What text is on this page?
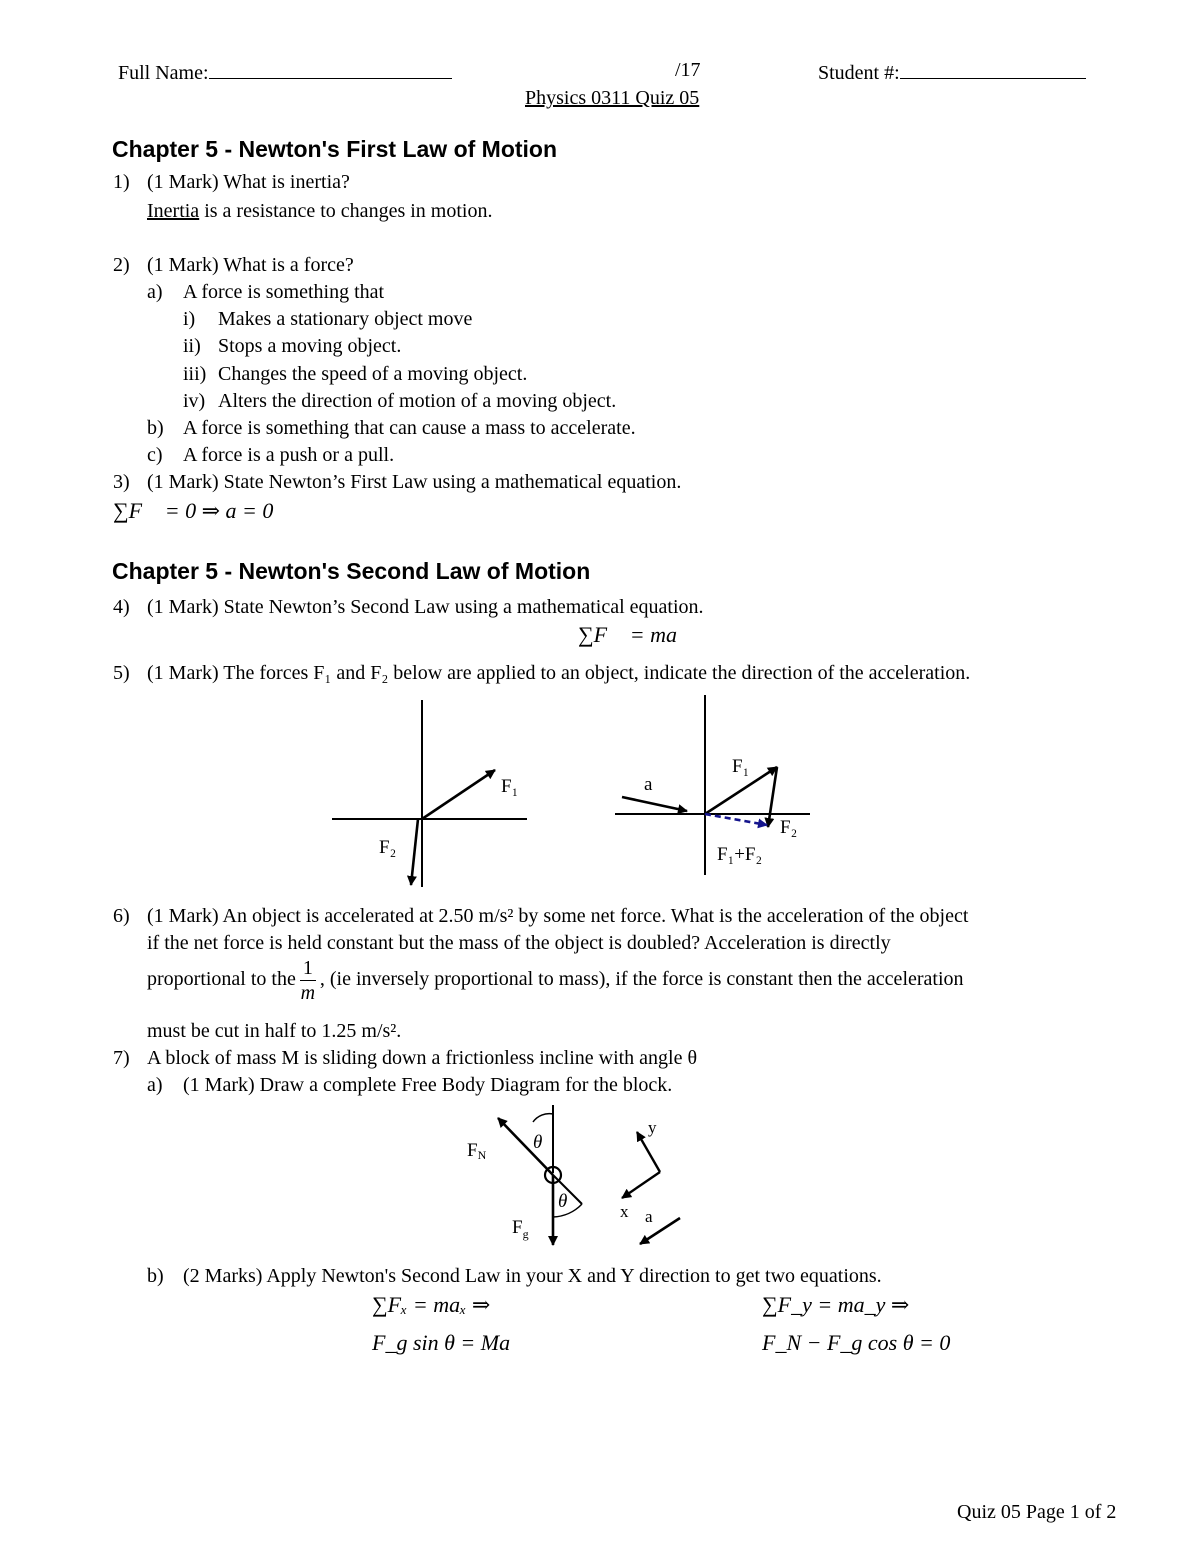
Full Name:	/17	Student #:
Physics 0311 Quiz 05
Chapter 5 - Newton's First Law of Motion
1) (1 Mark) What is inertia?
Inertia is a resistance to changes in motion.
2) (1 Mark) What is a force?
a) A force is something that
i) Makes a stationary object move
ii) Stops a moving object.
iii) Changes the speed of a moving object.
iv) Alters the direction of motion of a moving object.
b) A force is something that can cause a mass to accelerate.
c) A force is a push or a pull.
3) (1 Mark) State Newton’s First Law using a mathematical equation.
∑F⃗ = 0 ⇒ a = 0
Chapter 5 - Newton's Second Law of Motion
4) (1 Mark) State Newton’s Second Law using a mathematical equation.
∑F⃗ = ma⃗
5) (1 Mark) The forces F₁ and F₂ below are applied to an object, indicate the direction of the acceleration.
F₁
F₂
a
F₁
F₂
F₁+F₂
6) (1 Mark) An object is accelerated at 2.50 m/s² by some net force. What is the acceleration of the object
if the net force is held constant but the mass of the object is doubled? Acceleration is directly
proportional to the $\frac{1}{m}$ , (ie inversely proportional to mass), if the force is constant then the acceleration
must be cut in half to 1.25 m/s².
7) A block of mass M is sliding down a frictionless incline with angle θ
a) (1 Mark) Draw a complete Free Body Diagram for the block.
θ
θ
FN
$F_g$
y
x a
b) (2 Marks) Apply Newton's Second Law in your X and Y direction to get two equations.
∑Fₓ = maₓ ⇒
F_g sin θ = Ma
∑F_y = ma_y ⇒
F_N − F_g cos θ = 0
Quiz 05 Page 1 of 2
